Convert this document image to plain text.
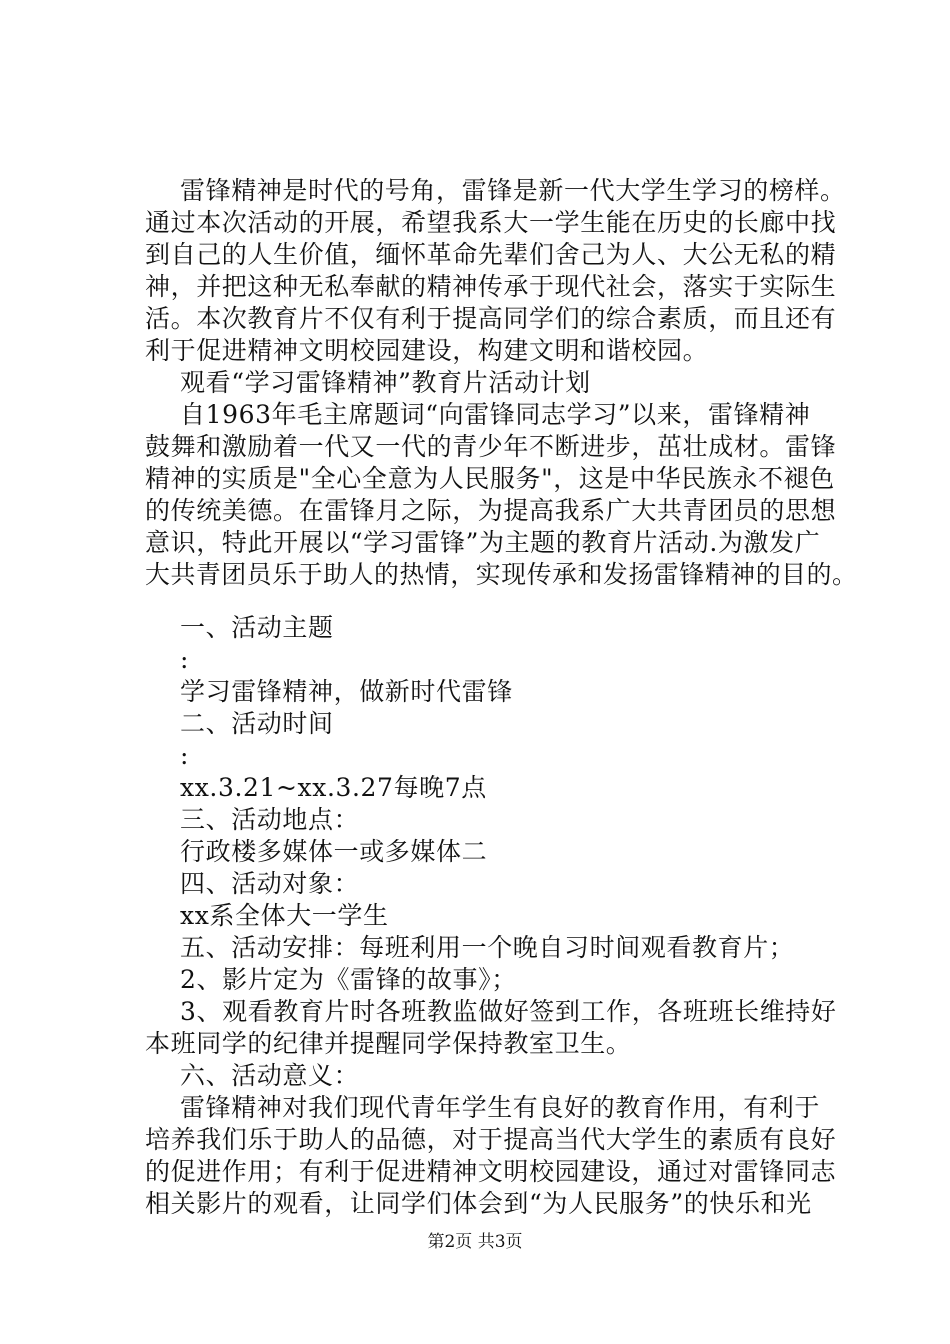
雷锋精神是时代的号角，雷锋是新一代大学生学习的榜样。
通过本次活动的开展，希望我系大一学生能在历史的长廊中找
到自己的人生价值，缅怀革命先辈们舍己为人、大公无私的精
神，并把这种无私奉献的精神传承于现代社会，落实于实际生
活。本次教育片不仅有利于提高同学们的综合素质，而且还有
利于促进精神文明校园建设，构建文明和谐校园。
观看“学习雷锋精神”教育片活动计划
自1963年毛主席题词“向雷锋同志学习”以来，雷锋精神
鼓舞和激励着一代又一代的青少年不断进步，茁壮成材。雷锋
精神的实质是"全心全意为人民服务"，这是中华民族永不褪色
的传统美德。在雷锋月之际，为提高我系广大共青团员的思想
意识，特此开展以“学习雷锋”为主题的教育片活动.为激发广
大共青团员乐于助人的热情，实现传承和发扬雷锋精神的目的。
一、活动主题
:
学习雷锋精神，做新时代雷锋
二、活动时间
:
xx.3.21~xx.3.27每晚7点
三、活动地点：
行政楼多媒体一或多媒体二
四、活动对象：
xx系全体大一学生
五、活动安排：每班利用一个晚自习时间观看教育片；
2、影片定为《雷锋的故事》；
3、观看教育片时各班教监做好签到工作，各班班长维持好
本班同学的纪律并提醒同学保持教室卫生。
六、活动意义：
雷锋精神对我们现代青年学生有良好的教育作用，有利于
培养我们乐于助人的品德，对于提高当代大学生的素质有良好
的促进作用；有利于促进精神文明校园建设，通过对雷锋同志
相关影片的观看，让同学们体会到“为人民服务”的快乐和光
第2页 共3页
